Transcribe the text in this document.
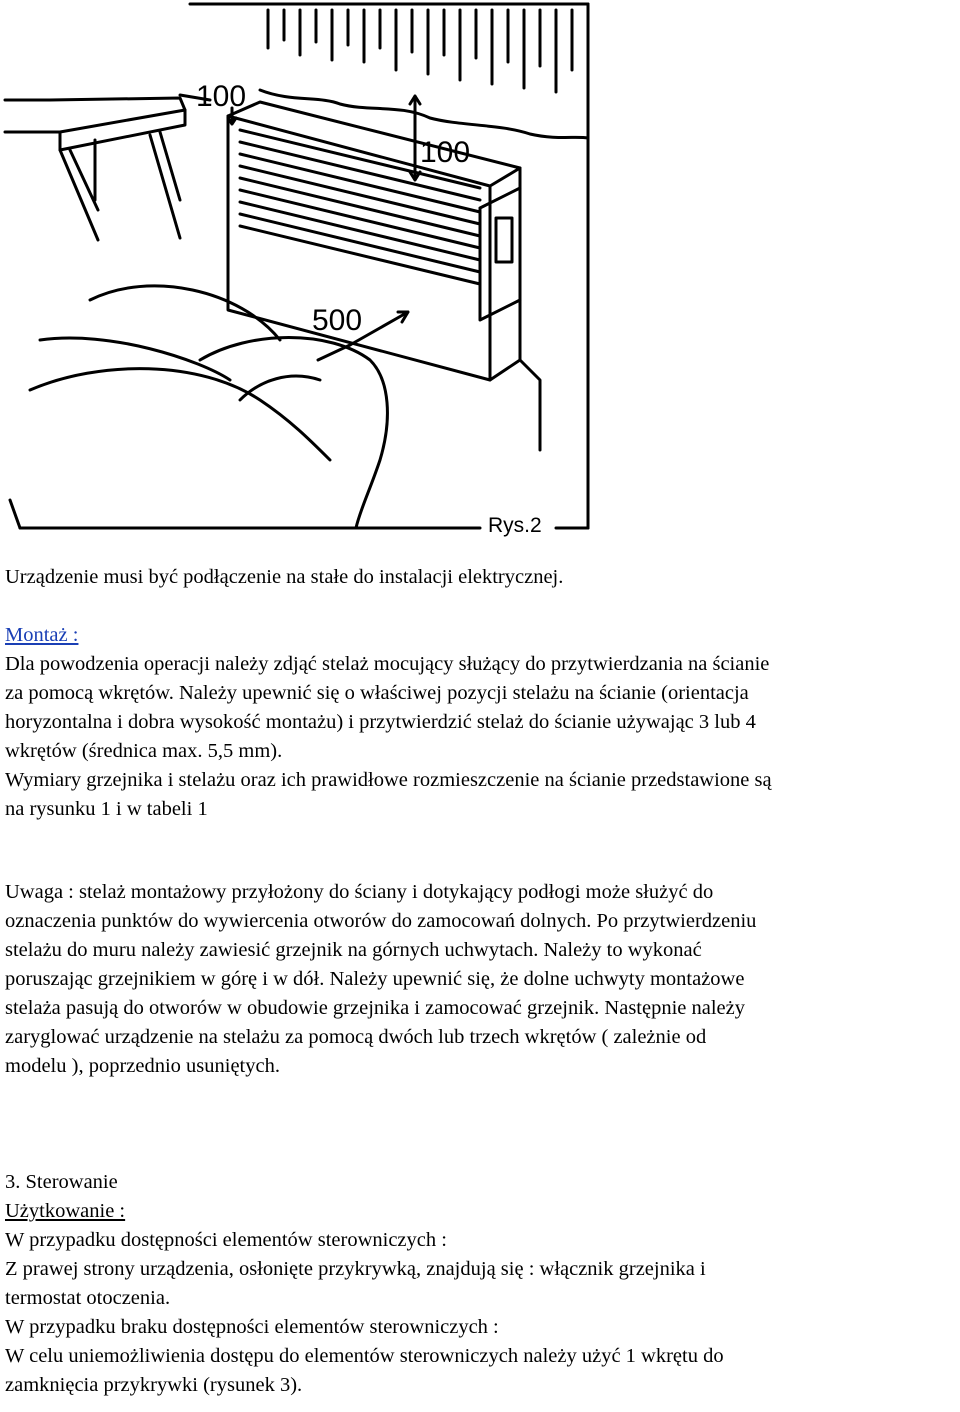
100
100
500
Rys.2

Urządzenie musi być podłączenie na stałe do instalacji elektrycznej.

Montaż :

Dla powodzenia operacji należy zdjąć stelaż mocujący służący do przytwierdzania na ścianie

za pomocą wkrętów. Należy upewnić się o właściwej pozycji stelażu na ścianie (orientacja

horyzontalna i dobra wysokość montażu) i przytwierdzić stelaż do ścianie używając 3 lub 4

wkrętów (średnica max. 5,5 mm).

Wymiary grzejnika i stelażu oraz ich prawidłowe rozmieszczenie na ścianie przedstawione są

na rysunku 1 i w tabeli 1

Uwaga : stelaż montażowy przyłożony do ściany i dotykający podłogi może służyć do

oznaczenia punktów do wywiercenia otworów do zamocowań dolnych. Po przytwierdzeniu

stelażu do muru należy zawiesić grzejnik na górnych uchwytach. Należy to wykonać

poruszając grzejnikiem w górę i w dół. Należy upewnić się, że dolne uchwyty montażowe

stelaża pasują do otworów w obudowie grzejnika i zamocować grzejnik. Następnie należy

zaryglować urządzenie na stelażu za pomocą dwóch lub trzech wkrętów ( zależnie od

modelu ), poprzednio usuniętych.

3. Sterowanie

Użytkowanie :

W przypadku dostępności elementów sterowniczych :

Z prawej strony urządzenia, osłonięte przykrywką, znajdują się : włącznik grzejnika i

termostat otoczenia.

W przypadku braku dostępności elementów sterowniczych :

W celu uniemożliwienia dostępu do elementów sterowniczych należy użyć 1 wkrętu do

zamknięcia przykrywki (rysunek 3).
